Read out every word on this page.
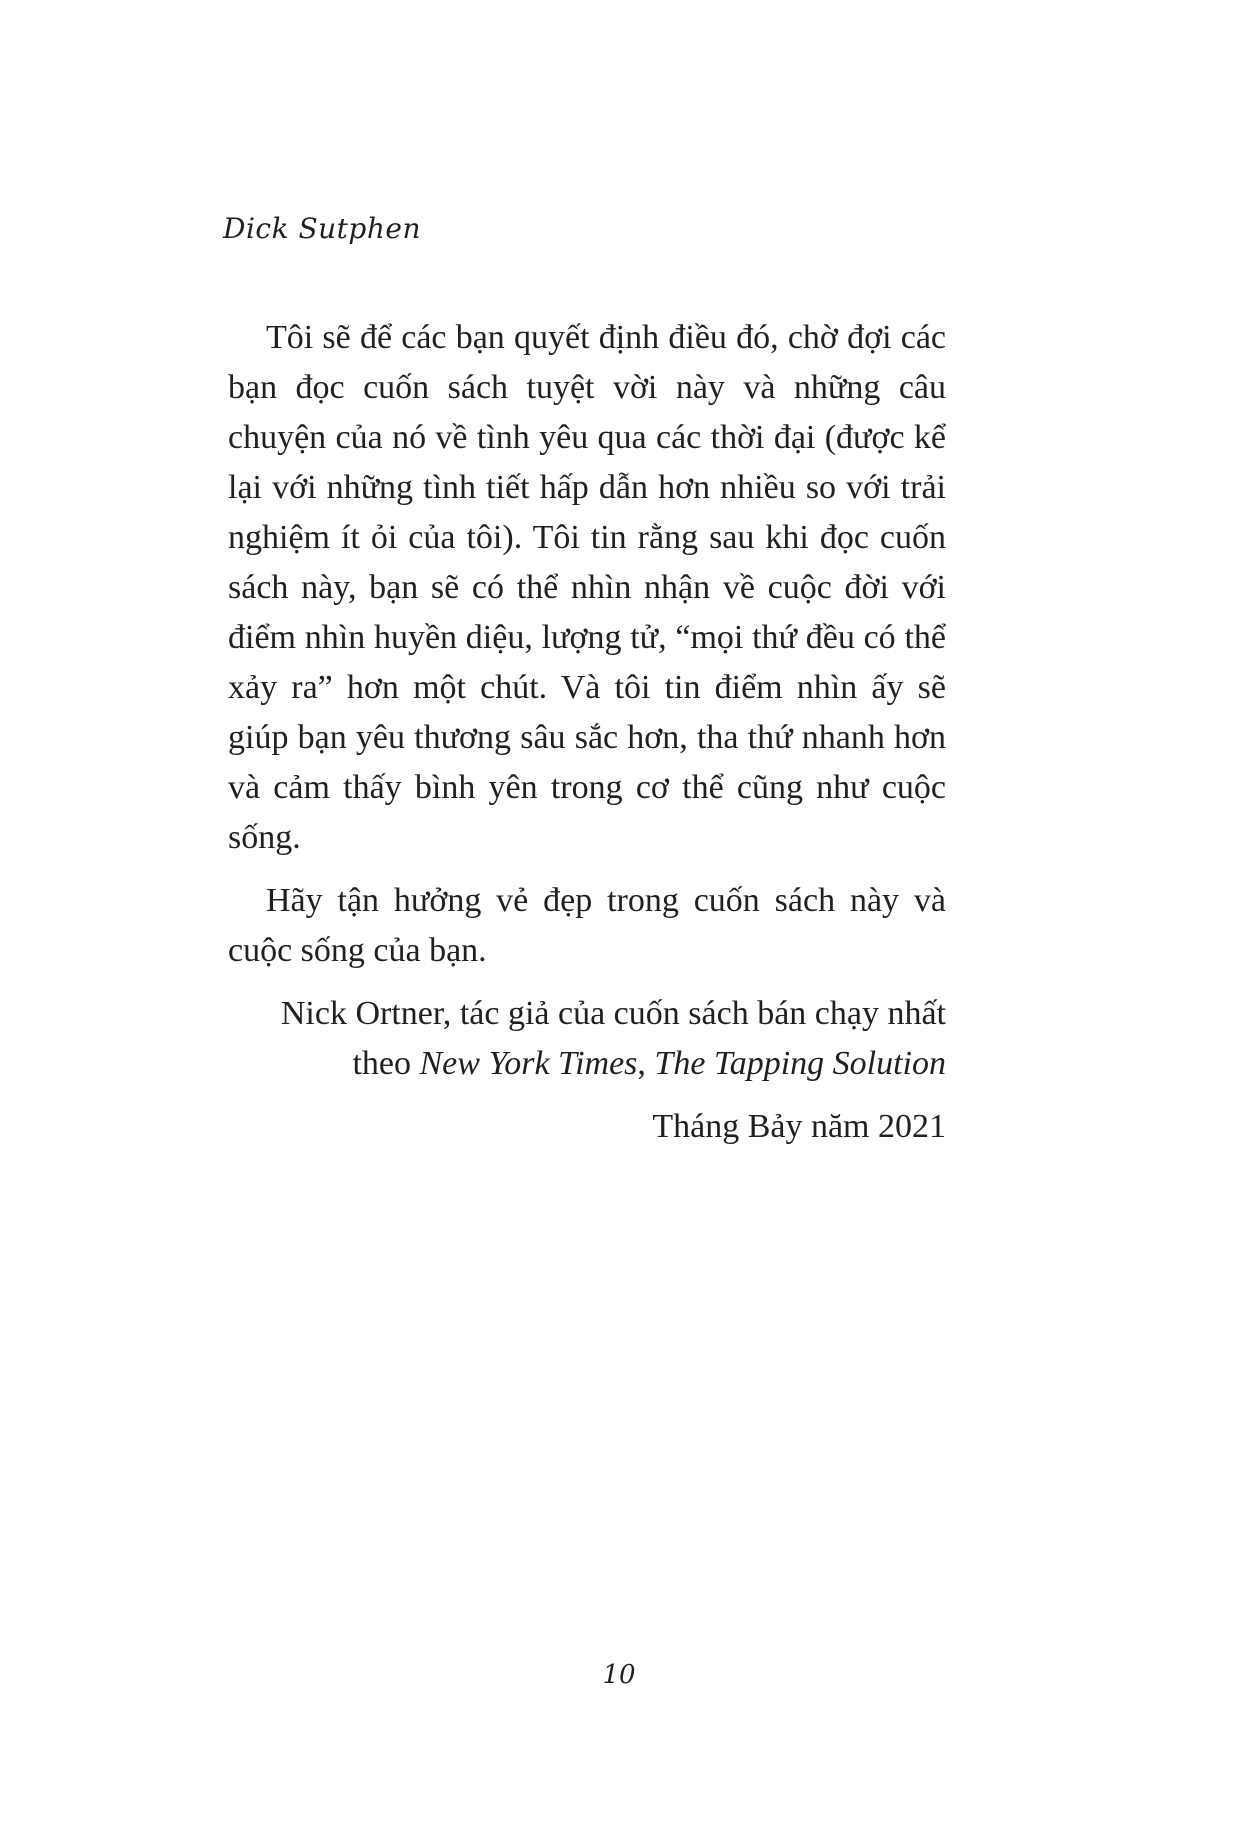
Dick Sutphen

Tôi sẽ để các bạn quyết định điều đó, chờ đợi các bạn đọc cuốn sách tuyệt vời này và những câu chuyện của nó về tình yêu qua các thời đại (được kể lại với những tình tiết hấp dẫn hơn nhiều so với trải nghiệm ít ỏi của tôi). Tôi tin rằng sau khi đọc cuốn sách này, bạn sẽ có thể nhìn nhận về cuộc đời với điểm nhìn huyền diệu, lượng tử, “mọi thứ đều có thể xảy ra” hơn một chút. Và tôi tin điểm nhìn ấy sẽ giúp bạn yêu thương sâu sắc hơn, tha thứ nhanh hơn và cảm thấy bình yên trong cơ thể cũng như cuộc sống.

Hãy tận hưởng vẻ đẹp trong cuốn sách này và cuộc sống của bạn.

Nick Ortner, tác giả của cuốn sách bán chạy nhất

theo New York Times, The Tapping Solution

Tháng Bảy năm 2021

10
